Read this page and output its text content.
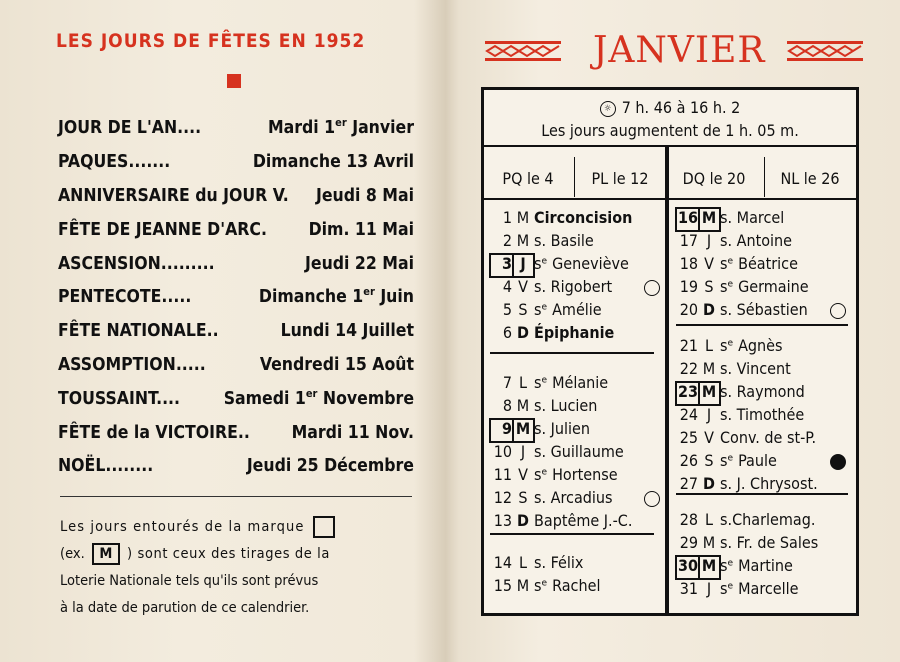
LES JOURS DE FÊTES EN 1952
JOUR DE L'AN....	Mardi 1er Janvier
PAQUES.......	Dimanche 13 Avril
ANNIVERSAIRE du JOUR V. Jeudi 8 Mai
FÊTE DE JEANNE D'ARC. Dim. 11 Mai
ASCENSION.........	Jeudi 22 Mai
PENTECOTE.....	Dimanche 1er Juin
FÊTE NATIONALE..	Lundi 14 Juillet
ASSOMPTION.....	Vendredi 15 Août
TOUSSAINT.... Samedi 1er Novembre
FÊTE de la VICTOIRE.. Mardi 11 Nov.
NOËL........	Jeudi 25 Décembre
Les jours entourés de la marque
(ex. M ) sont ceux des tirages de la
Loterie Nationale tels qu'ils sont prévus
à la date de parution de ce calendrier.
JANVIER
☼ 7 h. 46 à 16 h. 2
Les jours augmentent de 1 h. 05 m.
PQ le 4	PL le 12	DQ le 20	NL le 26
1 M Circoncision
2 M s. Basile
3 J sᵉ Geneviève
4 V s. Rigobert
5 S sᵉ Amélie
6 D Épiphanie
7 L sᵉ Mélanie
8 M s. Lucien
9 M s. Julien
10 J s. Guillaume
11 V sᵉ Hortense
12 S s. Arcadius
13 D Baptême J.-C.
14 L s. Félix
15 M sᵉ Rachel
16 M s. Marcel
17 J s. Antoine
18 V sᵉ Béatrice
19 S sᵉ Germaine
20 D s. Sébastien
21 L sᵉ Agnès
22 M s. Vincent
23 M s. Raymond
24 J s. Timothée
25 V Conv. de st-P.
26 S sᵉ Paule
27 D s. J. Chrysost.
28 L s.Charlemag.
29 M s. Fr. de Sales
30 M sᵉ Martine
31 J sᵉ Marcelle
